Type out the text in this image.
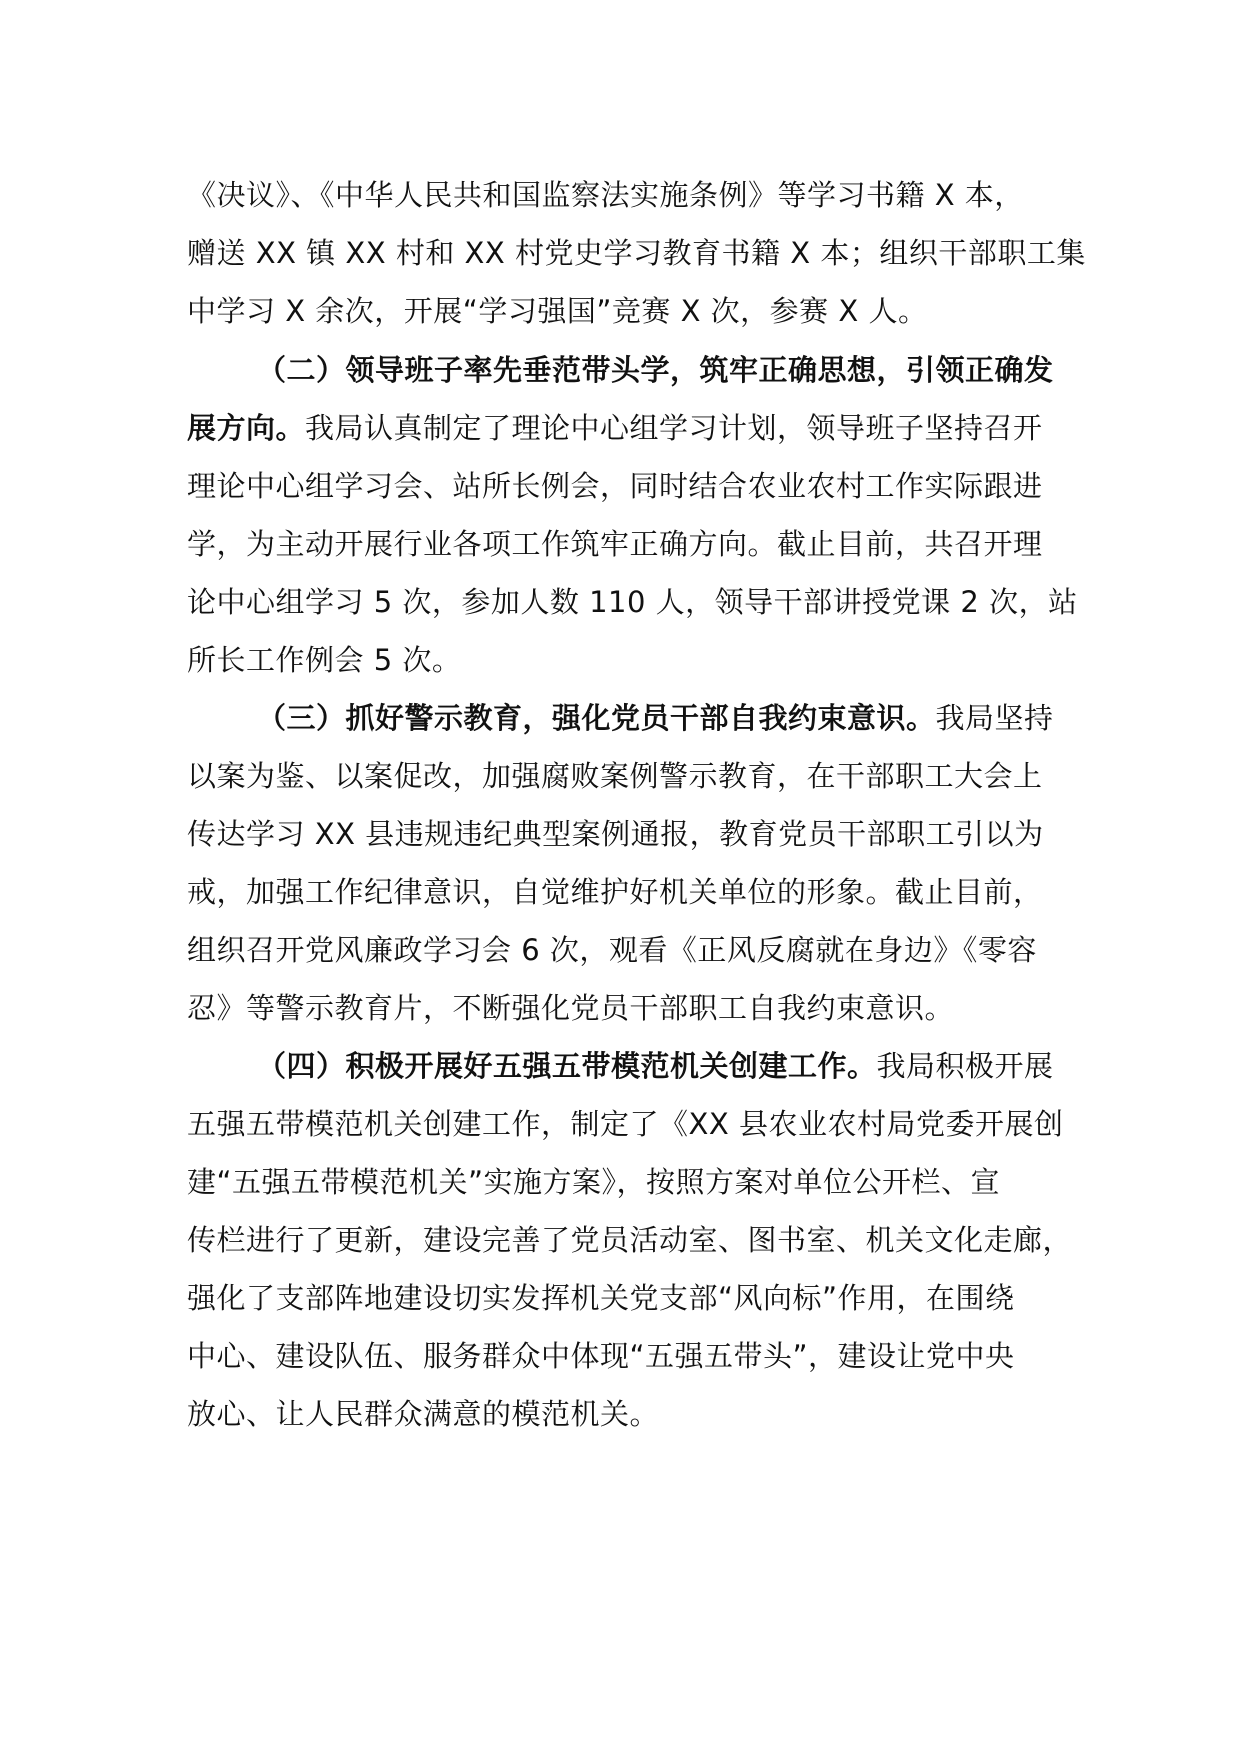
《决议》、《中华人民共和国监察法实施条例》等学习书籍 X 本，
赠送 XX 镇 XX 村和 XX 村党史学习教育书籍 X 本；组织干部职工集
中学习 X 余次，开展“学习强国”竞赛 X 次，参赛 X 人。
（二）领导班子率先垂范带头学，筑牢正确思想，引领正确发
展方向。我局认真制定了理论中心组学习计划，领导班子坚持召开
理论中心组学习会、站所长例会，同时结合农业农村工作实际跟进
学，为主动开展行业各项工作筑牢正确方向。截止目前，共召开理
论中心组学习 5 次，参加人数 110 人，领导干部讲授党课 2 次，站
所长工作例会 5 次。
（三）抓好警示教育，强化党员干部自我约束意识。我局坚持
以案为鉴、以案促改，加强腐败案例警示教育，在干部职工大会上
传达学习 XX 县违规违纪典型案例通报，教育党员干部职工引以为
戒，加强工作纪律意识，自觉维护好机关单位的形象。截止目前，
组织召开党风廉政学习会 6 次，观看《正风反腐就在身边》《零容
忍》等警示教育片，不断强化党员干部职工自我约束意识。
（四）积极开展好五强五带模范机关创建工作。我局积极开展
五强五带模范机关创建工作，制定了《XX 县农业农村局党委开展创
建“五强五带模范机关”实施方案》，按照方案对单位公开栏、宣
传栏进行了更新，建设完善了党员活动室、图书室、机关文化走廊，
强化了支部阵地建设切实发挥机关党支部“风向标”作用，在围绕
中心、建设队伍、服务群众中体现“五强五带头”，建设让党中央
放心、让人民群众满意的模范机关。
